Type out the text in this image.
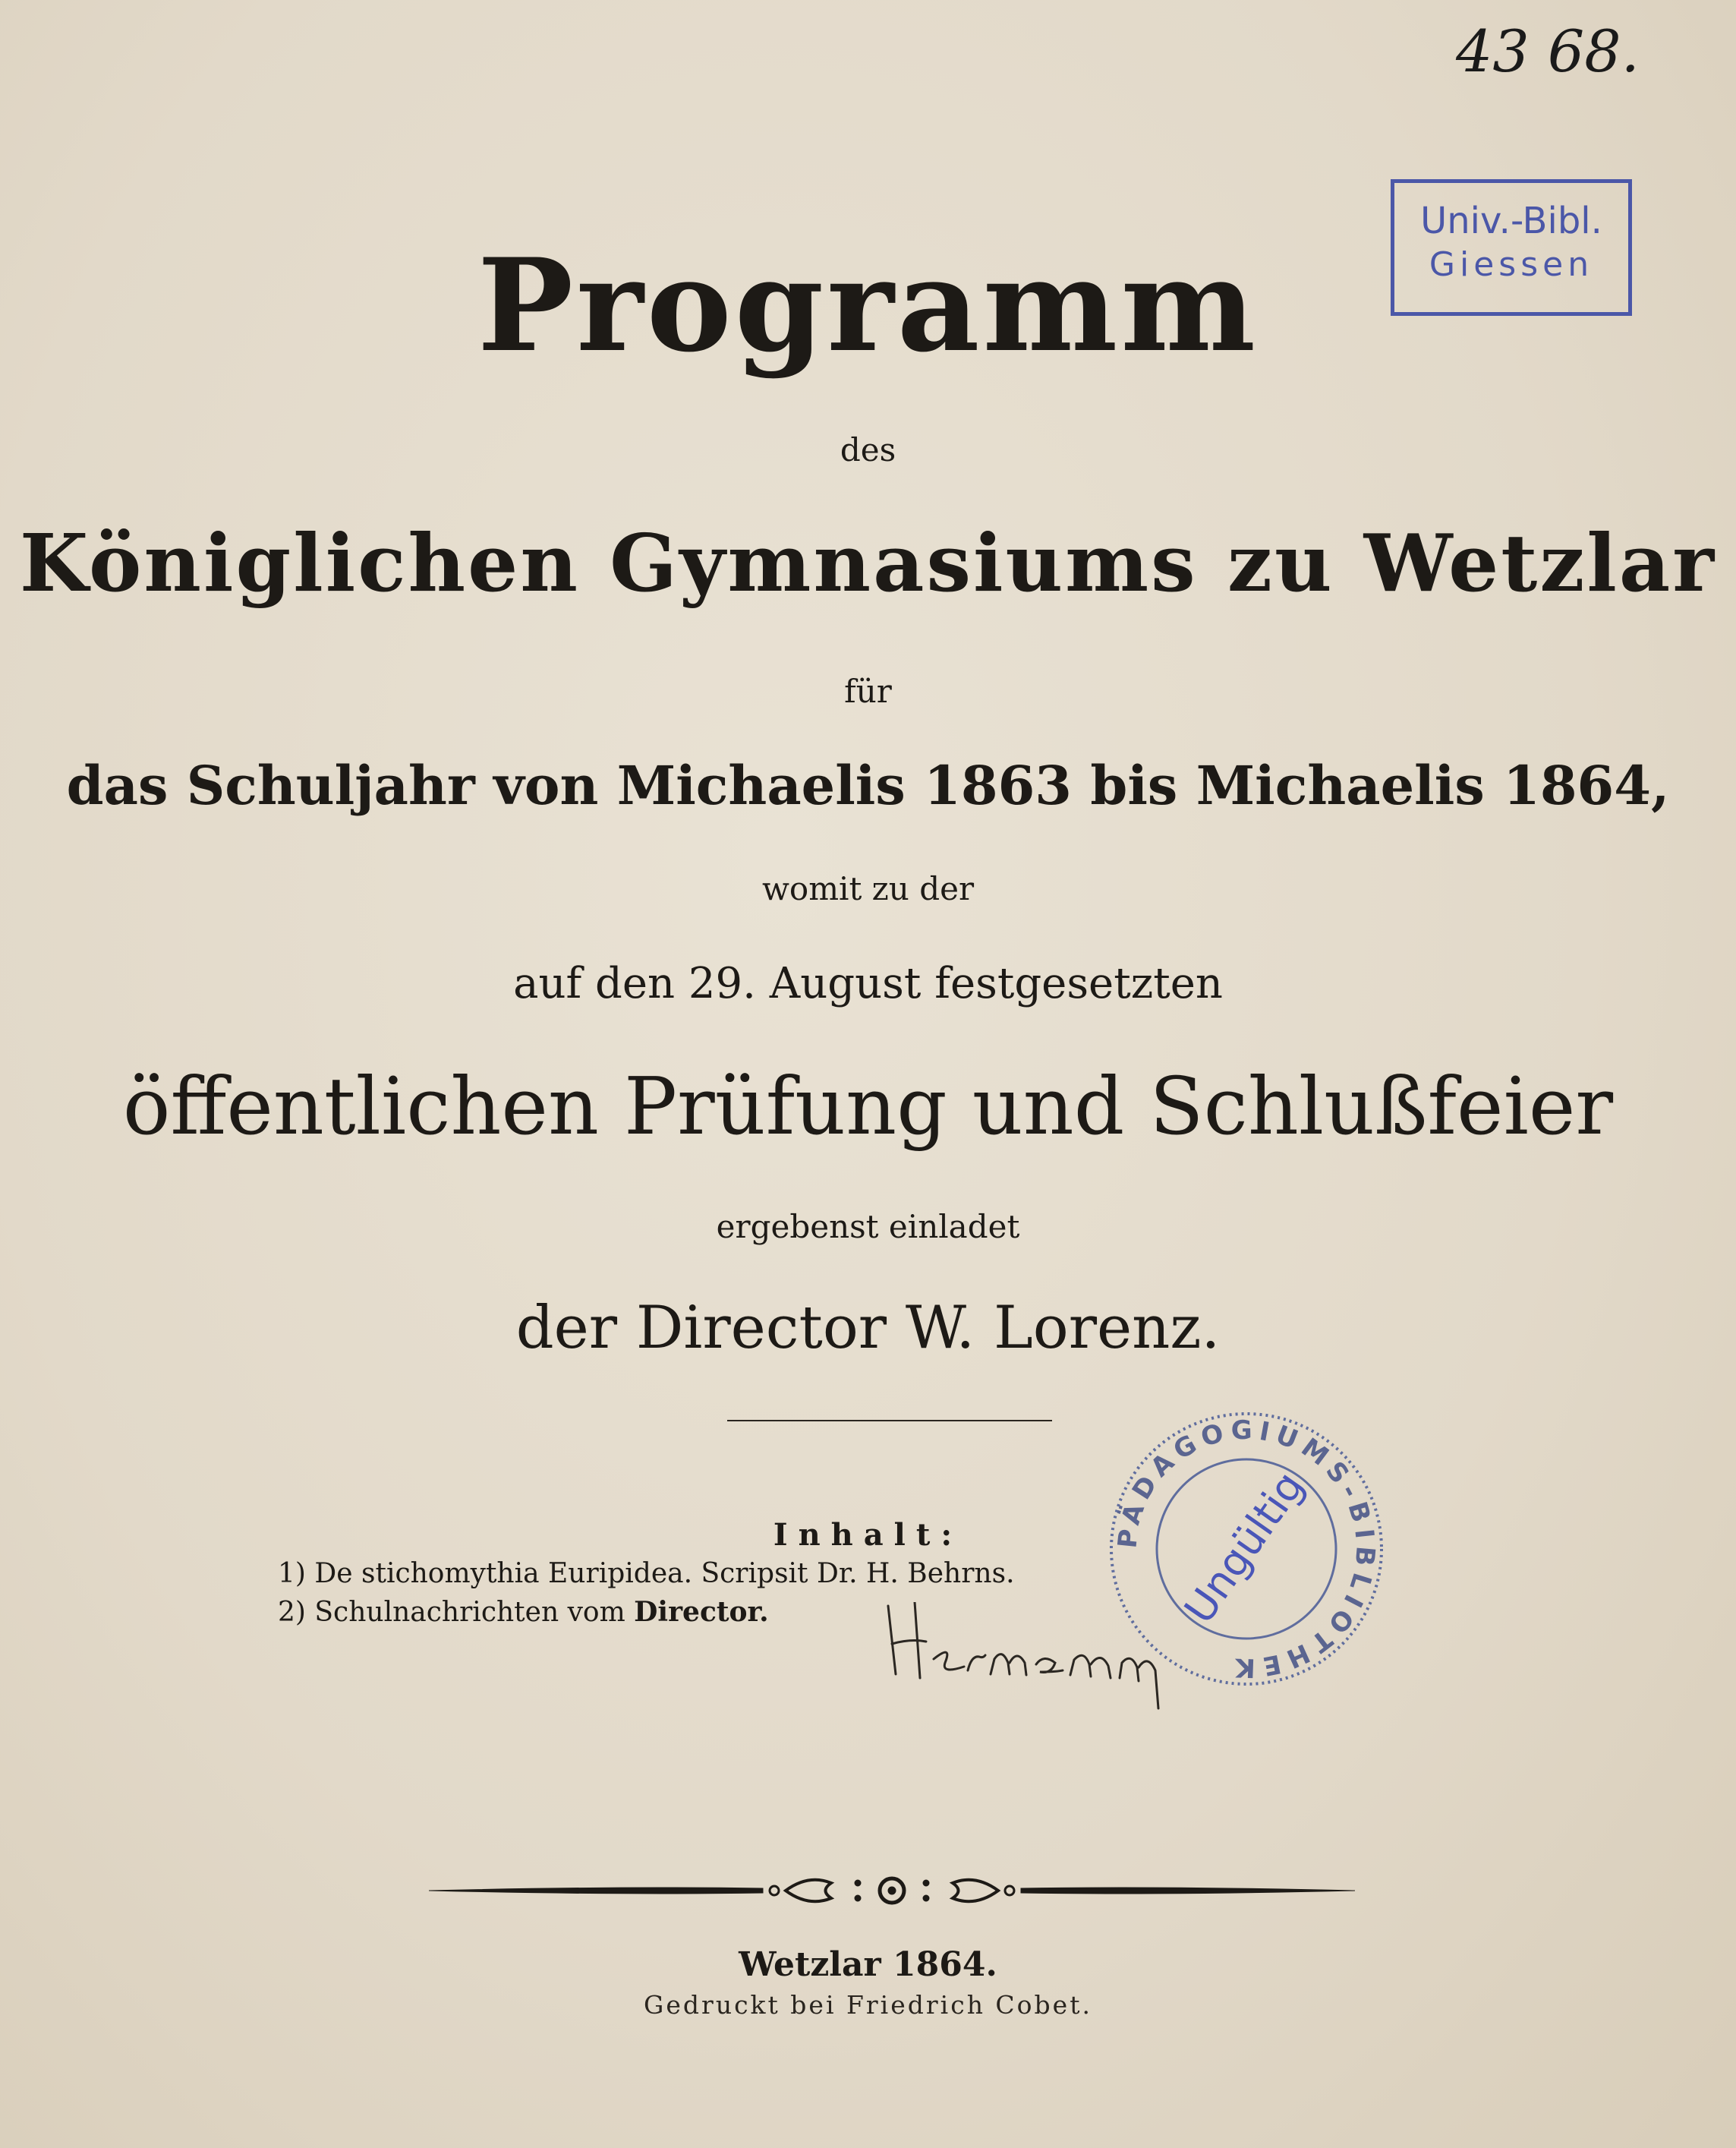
43 68.
Univ.-Bibl.
Giessen
Programm
des
Königlichen Gymnasiums zu Wetzlar
für
das Schuljahr von Michaelis 1863 bis Michaelis 1864,
womit zu der
auf den 29. August festgesetzten
öffentlichen Prüfung und Schlußfeier
ergebenst einladet
der Director W. Lorenz.
Inhalt:
1) De stichomythia Euripidea. Scripsit Dr. H. Behrns.
2) Schulnachrichten vom Director.
PÄDAGOGIUMS-BIBLIOTHEK
Ungültig
Wetzlar 1864.
Gedruckt bei Friedrich Cobet.
